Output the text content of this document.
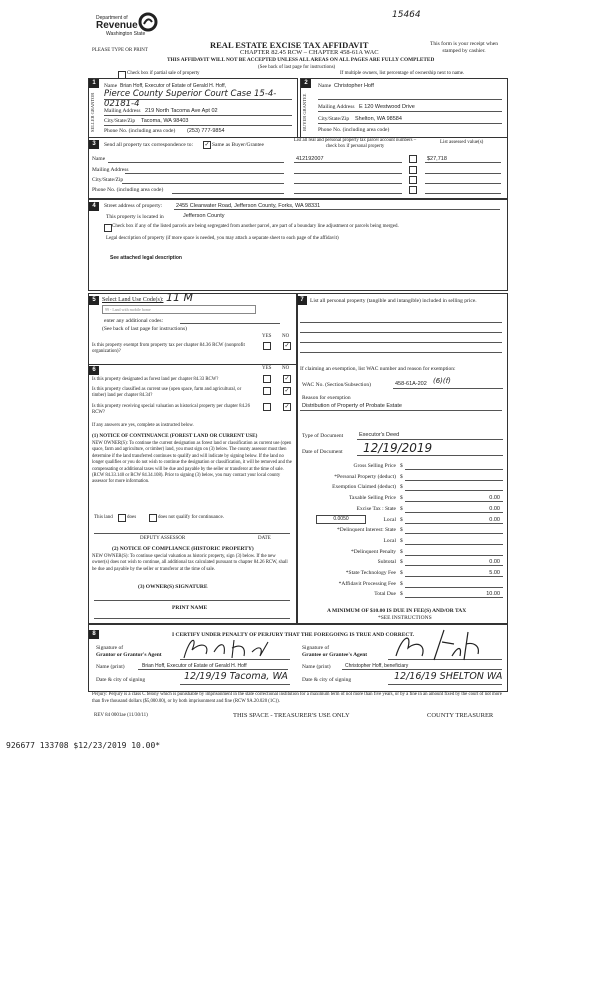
15464
Department of
Revenue
Washington State
PLEASE TYPE OR PRINT
REAL ESTATE EXCISE TAX AFFIDAVIT
CHAPTER 82.45 RCW – CHAPTER 458-61A WAC
THIS AFFIDAVIT WILL NOT BE ACCEPTED UNLESS ALL AREAS ON ALL PAGES ARE FULLY COMPLETED
(See back of last page for instructions)
This form is your receipt when stamped by cashier.
Check box if partial sale of property	If multiple owners, list percentage of ownership next to name.
1	2
SELLER GRANTOR	BUYER GRANTEE
Name Brian Hoff, Executor of Estate of Gerald H. Hoff,
Pierce County Superior Court Case 15-4-02181-4
Mailing Address 219 North Tacoma Ave Apt 02
City/State/Zip Tacoma, WA 98403
Phone No. (including area code) (253) 777-9854
Name Christopher Hoff
Mailing Address E 120 Westwood Drive
City/State/Zip Shelton, WA 98584
Phone No. (including area code)
3	Send all property tax correspondence to: ✓ Same as Buyer/Grantee
Name
Mailing Address
City/State/Zip
Phone No. (including area code)
List all real and personal property tax parcel account numbers – check box if personal property
List assessed value(s)
412192007	$27,718
4	Street address of property:	2455 Clearwater Road, Jefferson County, Forks, WA 98331
This property is located in	Jefferson County
Check box if any of the listed parcels are being segregated from another parcel, are part of a boundary line adjustment or parcels being merged.
Legal description of property (if more space is needed, you may attach a separate sheet to each page of the affidavit)
See attached legal description
5	Select Land Use Code(s): 11 M
99 - Land with mobile home
enter any additional codes:
(See back of last page for instructions)
YES NO
Is this property exempt from property tax per chapter 84.36 RCW (nonprofit organization)?
✓
6	YES NO
Is this property designated as forest land per chapter 84.33 RCW?	✓
Is this property classified as current use (open space, farm and agricultural, or timber) land per chapter 84.34?
✓
Is this property receiving special valuation as historical property per chapter 84.26 RCW?
✓
If any answers are yes, complete as instructed below.
(1) NOTICE OF CONTINUANCE (FOREST LAND OR CURRENT USE)
NEW OWNER(S): To continue the current designation as forest land or classification as current use (open space, farm and agriculture, or timber) land, you must sign on (3) below. The county assessor must then determine if the land transferred continues to qualify and will indicate by signing below. If the land no longer qualifies or you do not wish to continue the designation or classification, it will be removed and the compensating or additional taxes will be due and payable by the seller or transferor at the time of sale. (RCW 84.33.140 or RCW 84.34.108). Prior to signing (3) below, you may contact your local county assessor for more information.
This land	does	does not qualify for continuance.
DEPUTY ASSESSOR	DATE
(2) NOTICE OF COMPLIANCE (HISTORIC PROPERTY)
NEW OWNER(S): To continue special valuation as historic property, sign (3) below. If the new owner(s) does not wish to continue, all additional tax calculated pursuant to chapter 84.26 RCW, shall be due and payable by the seller or transferor at the time of sale.
(3) OWNER(S) SIGNATURE
PRINT NAME
7	List all personal property (tangible and intangible) included in selling price.
If claiming an exemption, list WAC number and reason for exemption:
WAC No. (Section/Subsection)	458-61A-202 (6)(f)
Reason for exemption
Distribution of Property of Probate Estate
Type of Document	Executor's Deed
Date of Document 12/19/2019
Gross Selling Price $
*Personal Property (deduct) $
Exemption Claimed (deduct) $
Taxable Selling Price $	0.00
Excise Tax : State $	0.00
Local $	0.00
*Delinquent Interest: State $
Local $
*Delinquent Penalty $
Subtotal $	0.00
*State Technology Fee $	5.00
*Affidavit Processing Fee $
Total Due $	10.00
0.0050
A MINIMUM OF $10.00 IS DUE IN FEE(S) AND/OR TAX
*SEE INSTRUCTIONS
8	I CERTIFY UNDER PENALTY OF PERJURY THAT THE FOREGOING IS TRUE AND CORRECT.
Signature of
Grantor or Grantor's Agent
Name (print)	Brian Hoff, Executor of Estate of Gerald H. Hoff
Date & city of signing	12/19/19 Tacoma, WA
Signature of
Grantee or Grantee's Agent
Name (print)	Christopher Hoff, beneficiary
Date & city of signing	12/16/19 SHELTON WA
Perjury: Perjury is a class C felony which is punishable by imprisonment in the state correctional institution for a maximum term of not more than five years, or by a fine in an amount fixed by the court of not more than five thousand dollars ($5,000.00), or by both imprisonment and fine (RCW 9A.20.020 (1C)).
REV 84 0001ae (11/30/11)	THIS SPACE - TREASURER'S USE ONLY	COUNTY TREASURER
926677 133708 $12/23/2019 10.00*
